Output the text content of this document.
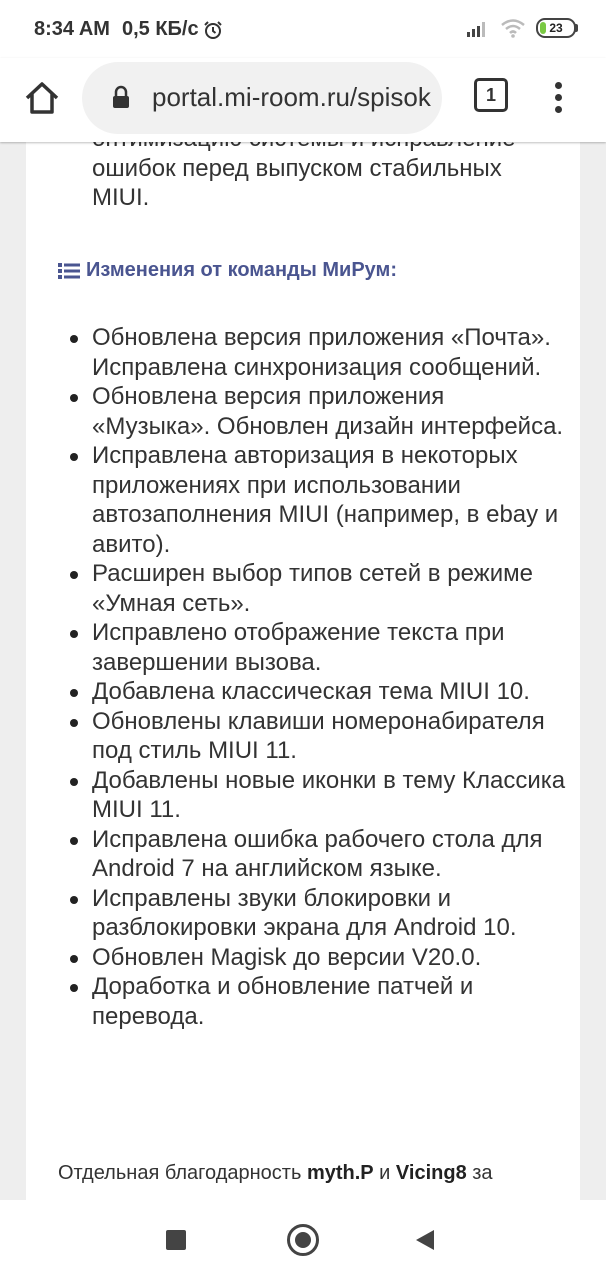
8:34 AM 0,5 КБ/с	23
portal.mi-room.ru/spisok	1
ошибок перед выпуском стабильных
MIUI.
Изменения от команды МиРум:
Обновлена версия приложения «Почта». Исправлена синхронизация сообщений.
Обновлена версия приложения «Музыка». Обновлен дизайн интерфейса.
Исправлена авторизация в некоторых приложениях при использовании автозаполнения MIUI (например, в ebay и авито).
Расширен выбор типов сетей в режиме «Умная сеть».
Исправлено отображение текста при завершении вызова.
Добавлена классическая тема MIUI 10.
Обновлены клавиши номеронабирателя под стиль MIUI 11.
Добавлены новые иконки в тему Классика MIUI 11.
Исправлена ошибка рабочего стола для Android 7 на английском языке.
Исправлены звуки блокировки и разблокировки экрана для Android 10.
Обновлен Magisk до версии V20.0.
Доработка и обновление патчей и перевода.
Отдельная благодарность myth.P и Vicing8 за
